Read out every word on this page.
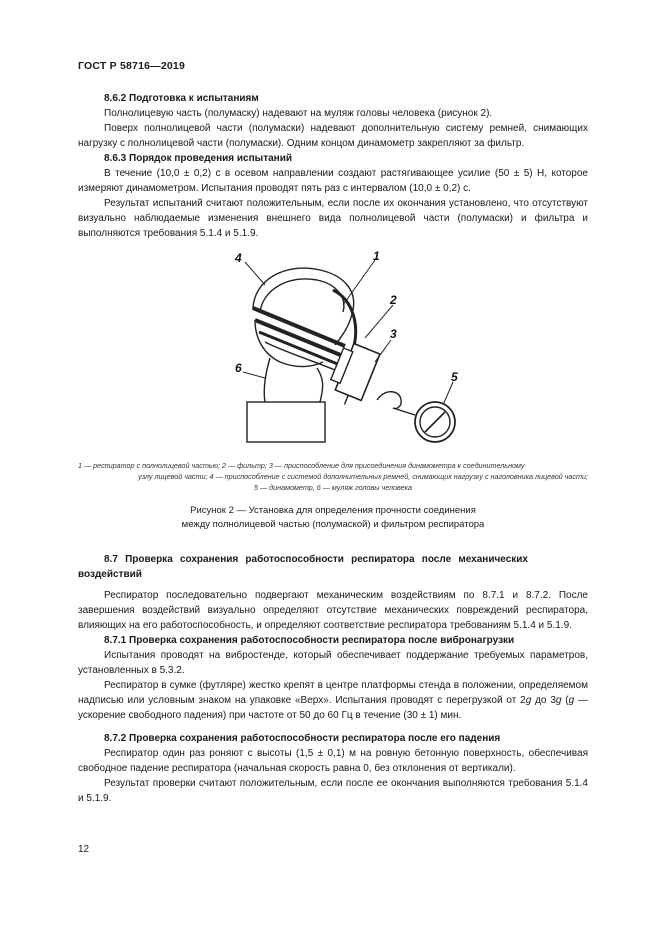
ГОСТ Р 58716—2019

8.6.2 Подготовка к испытаниям

Полнолицевую часть (полумаску) надевают на муляж головы человека (рисунок 2).

Поверх полнолицевой части (полумаски) надевают дополнительную систему ремней, снимающих нагрузку с полнолицевой части (полумаски). Одним концом динамометр закрепляют за фильтр.

8.6.3 Порядок проведения испытаний

В течение (10,0 ± 0,2) с в осевом направлении создают растягивающее усилие (50 ± 5) Н, которое измеряют динамометром. Испытания проводят пять раз с интервалом (10,0 ± 0,2) с.

Результат испытаний считают положительным, если после их окончания установлено, что отсутствуют визуально наблюдаемые изменения внешнего вида полнолицевой части (полумаски) и фильтра и выполняются требования 5.1.4 и 5.1.9.

4	1
2
3
5
6

1 — респиратор с полнолицевой частью; 2 — фильтр; 3 — приспособление для присоединения динамометра к соединительному

узлу лицевой части; 4 — приспособление с системой дополнительных ремней, снимающих нагрузку с наголовника лицевой части;

5 — динамометр, 6 — муляж головы человека

Рисунок 2 — Установка для определения прочности соединения
между полнолицевой частью (полумаской) и фильтром респиратора

8.7 Проверка сохранения работоспособности респиратора после механических воздействий

Респиратор последовательно подвергают механическим воздействиям по 8.7.1 и 8.7.2. После завершения воздействий визуально определяют отсутствие механических повреждений респиратора, влияющих на его работоспособность, и определяют соответствие респиратора требованиям 5.1.4 и 5.1.9.

8.7.1 Проверка сохранения работоспособности респиратора после вибронагрузки

Испытания проводят на вибростенде, который обеспечивает поддержание требуемых параметров, установленных в 5.3.2.

Респиратор в сумке (футляре) жестко крепят в центре платформы стенда в положении, определяемом надписью или условным знаком на упаковке «Верх». Испытания проводят с перегрузкой от 2g до 3g (g — ускорение свободного падения) при частоте от 50 до 60 Гц в течение (30 ± 1) мин.

8.7.2 Проверка сохранения работоспособности респиратора после его падения

Респиратор один раз роняют с высоты (1,5 ± 0,1) м на ровную бетонную поверхность, обеспечивая свободное падение респиратора (начальная скорость равна 0, без отклонения от вертикали).

Результат проверки считают положительным, если после ее окончания выполняются требования 5.1.4 и 5.1.9.

12
